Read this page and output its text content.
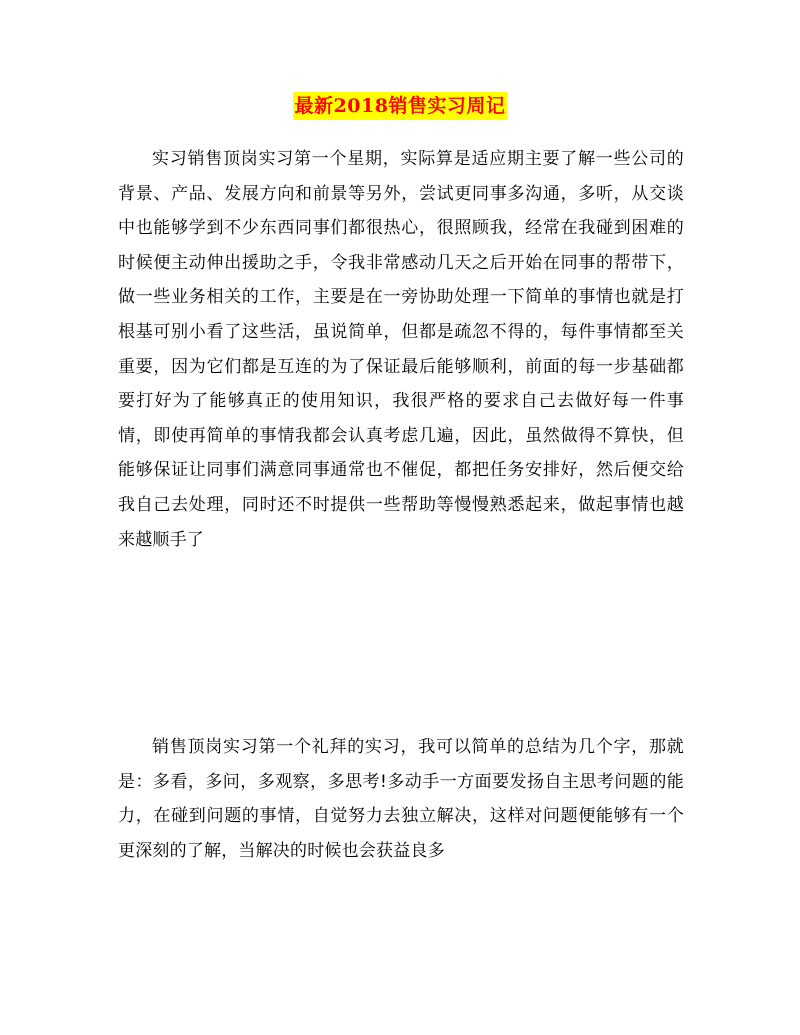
最新2018销售实习周记

实习销售顶岗实习第一个星期，实际算是适应期主要了解一些公司的背景、产品、发展方向和前景等另外，尝试更同事多沟通，多听，从交谈中也能够学到不少东西同事们都很热心，很照顾我，经常在我碰到困难的时候便主动伸出援助之手，令我非常感动几天之后开始在同事的帮带下，做一些业务相关的工作，主要是在一旁协助处理一下简单的事情也就是打根基可别小看了这些活，虽说简单，但都是疏忽不得的，每件事情都至关重要，因为它们都是互连的为了保证最后能够顺利，前面的每一步基础都要打好为了能够真正的使用知识，我很严格的要求自己去做好每一件事情，即使再简单的事情我都会认真考虑几遍，因此，虽然做得不算快，但能够保证让同事们满意同事通常也不催促，都把任务安排好，然后便交给我自己去处理，同时还不时提供一些帮助等慢慢熟悉起来，做起事情也越来越顺手了

销售顶岗实习第一个礼拜的实习，我可以简单的总结为几个字，那就是：多看，多问，多观察，多思考!多动手一方面要发扬自主思考问题的能力，在碰到问题的事情，自觉努力去独立解决，这样对问题便能够有一个更深刻的了解，当解决的时候也会获益良多
